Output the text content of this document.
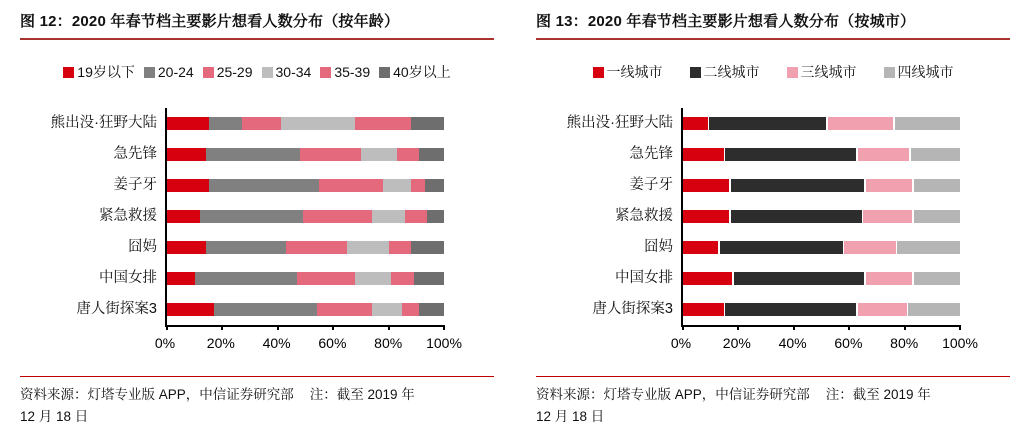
图 12：2020 年春节档主要影片想看人数分布（按年龄）
19岁以下 20-24 25-29 30-34 35-39 40岁以上
熊出没·狂野大陆
急先锋
姜子牙
紧急救援
囧妈
中国女排
唐人街探案3
0% 20% 40% 60% 80% 100%
资料来源：灯塔专业版 APP，中信证券研究部 注：截至 2019 年
12 月 18 日
图 13：2020 年春节档主要影片想看人数分布（按城市）
一线城市	二线城市	三线城市	四线城市
熊出没·狂野大陆
急先锋
姜子牙
紧急救援
囧妈
中国女排
唐人街探案3
0% 20% 40% 60% 80% 100%
资料来源：灯塔专业版 APP，中信证券研究部 注：截至 2019 年
12 月 18 日
